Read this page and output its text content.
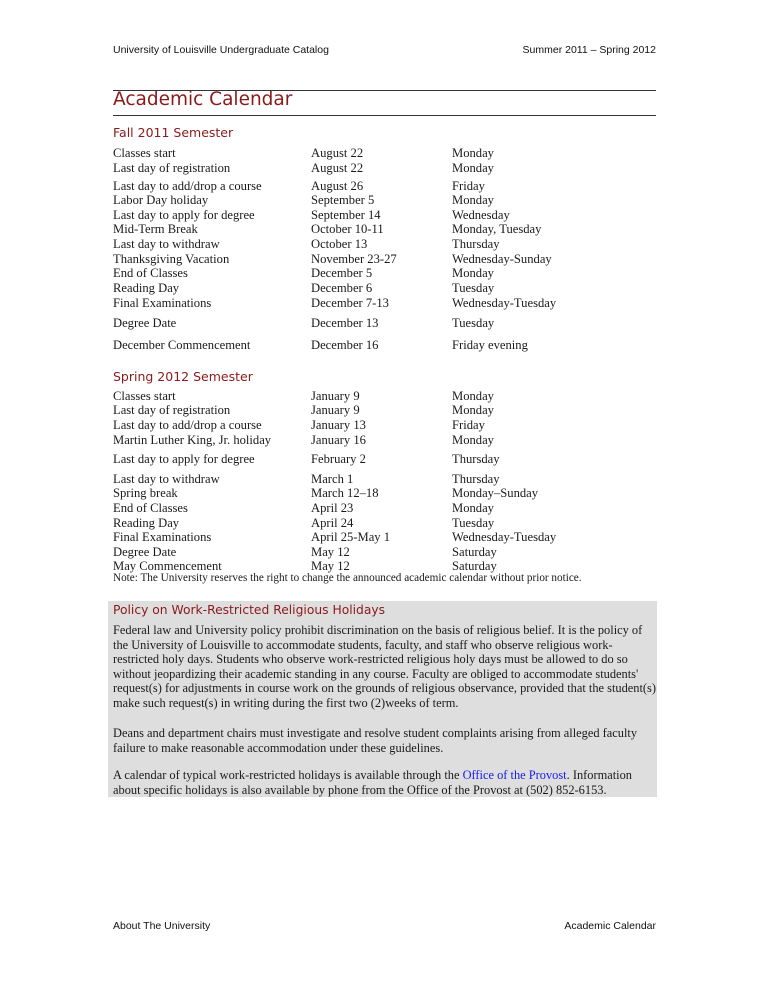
University of Louisville Undergraduate Catalog	Summer 2011 – Spring 2012
Academic Calendar
Fall 2011 Semester
Classes start	August 22	Monday
Last day of registration	August 22	Monday
Last day to add/drop a course	August 26	Friday
Labor Day holiday	September 5	Monday
Last day to apply for degree	September 14	Wednesday
Mid-Term Break	October 10-11	Monday, Tuesday
Last day to withdraw	October 13	Thursday
Thanksgiving Vacation	November 23-27	Wednesday-Sunday
End of Classes	December 5	Monday
Reading Day	December 6	Tuesday
Final Examinations	December 7-13	Wednesday-Tuesday
Degree Date	December 13	Tuesday
December Commencement	December 16	Friday evening
Spring 2012 Semester
Classes start	January 9	Monday
Last day of registration	January 9	Monday
Last day to add/drop a course	January 13	Friday
Martin Luther King, Jr. holiday	January 16	Monday
Last day to apply for degree	February 2	Thursday
Last day to withdraw	March 1	Thursday
Spring break	March 12–18	Monday–Sunday
End of Classes	April 23	Monday
Reading Day	April 24	Tuesday
Final Examinations	April 25-May 1	Wednesday-Tuesday
Degree Date	May 12	Saturday
May Commencement	May 12	Saturday
Note: The University reserves the right to change the announced academic calendar without prior notice.
Policy on Work-Restricted Religious Holidays
Federal law and University policy prohibit discrimination on the basis of religious belief. It is the policy of the University of Louisville to accommodate students, faculty, and staff who observe religious work-restricted holy days. Students who observe work-restricted religious holy days must be allowed to do so without jeopardizing their academic standing in any course. Faculty are obliged to accommodate students' request(s) for adjustments in course work on the grounds of religious observance, provided that the student(s) make such request(s) in writing during the first two (2)weeks of term.
Deans and department chairs must investigate and resolve student complaints arising from alleged faculty failure to make reasonable accommodation under these guidelines.
A calendar of typical work-restricted holidays is available through the Office of the Provost. Information about specific holidays is also available by phone from the Office of the Provost at (502) 852-6153.
About The University	Academic Calendar
